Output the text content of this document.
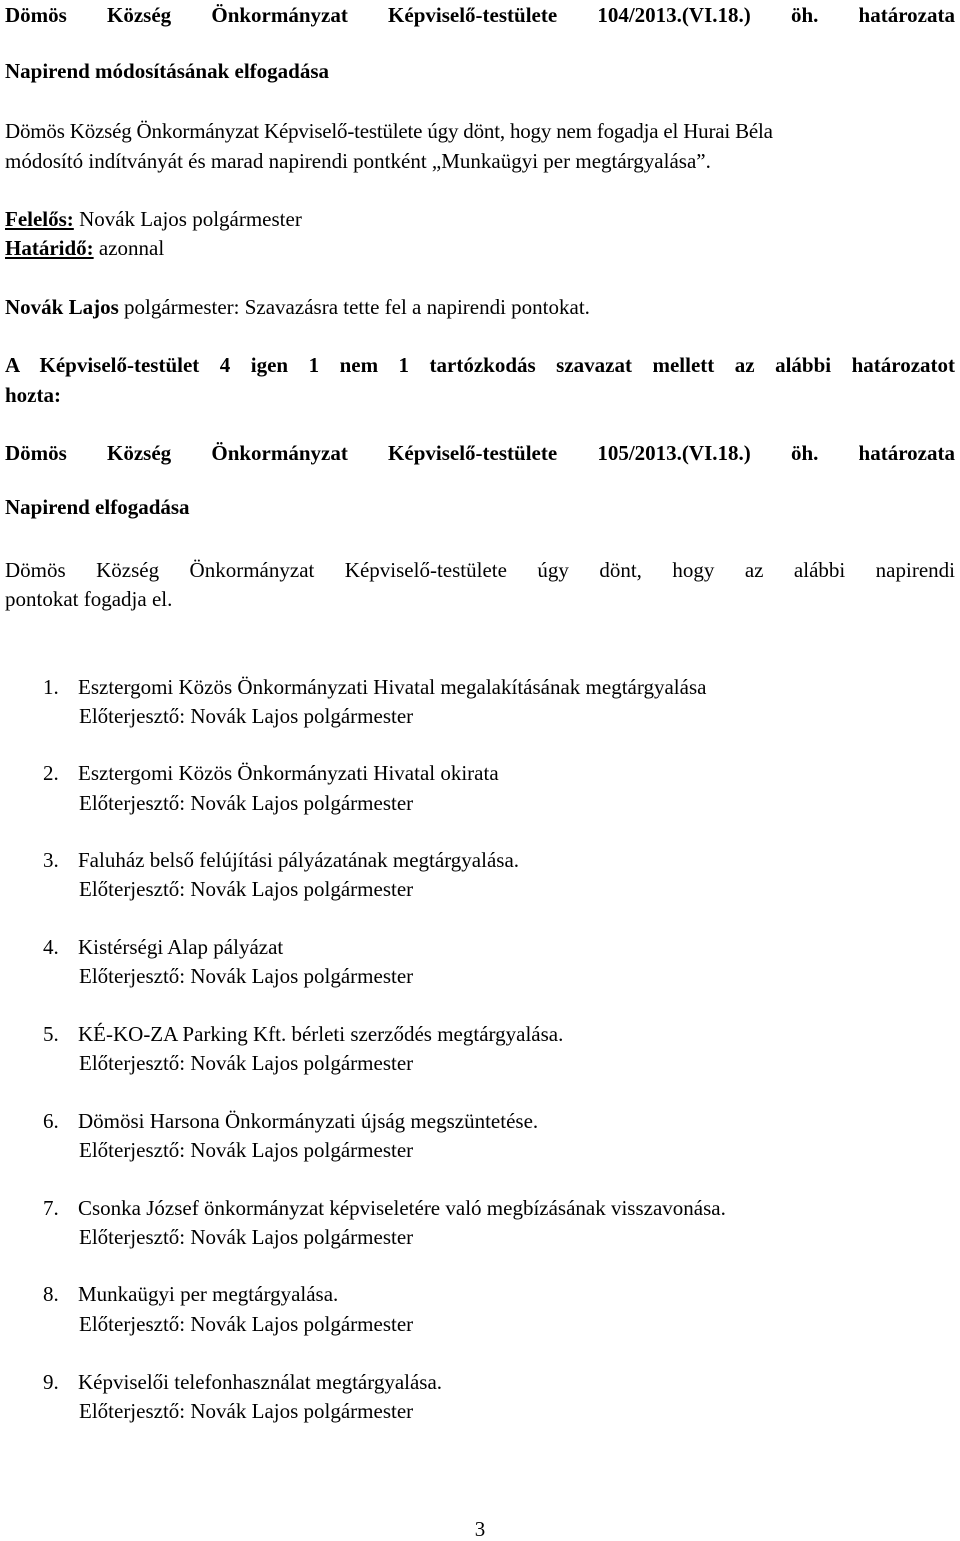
Dömös Község Önkormányzat Képviselő-testülete 104/2013.(VI.18.) öh. határozata
Napirend módosításának elfogadása
Dömös Község Önkormányzat Képviselő-testülete úgy dönt, hogy nem fogadja el Hurai Béla
módosító indítványát és marad napirendi pontként „Munkaügyi per megtárgyalása”.
Felelős: Novák Lajos polgármester
Határidő: azonnal
Novák Lajos polgármester: Szavazásra tette fel a napirendi pontokat.
A Képviselő-testület 4 igen 1 nem 1 tartózkodás szavazat mellett az alábbi határozatot
hozta:
Dömös Község Önkormányzat Képviselő-testülete 105/2013.(VI.18.) öh. határozata
Napirend elfogadása
Dömös Község Önkormányzat Képviselő-testülete úgy dönt, hogy az alábbi napirendi
pontokat fogadja el.
1. Esztergomi Közös Önkormányzati Hivatal megalakításának megtárgyalása
Előterjesztő: Novák Lajos polgármester
2. Esztergomi Közös Önkormányzati Hivatal okirata
Előterjesztő: Novák Lajos polgármester
3. Faluház belső felújítási pályázatának megtárgyalása.
Előterjesztő: Novák Lajos polgármester
4. Kistérségi Alap pályázat
Előterjesztő: Novák Lajos polgármester
5. KÉ-KO-ZA Parking Kft. bérleti szerződés megtárgyalása.
Előterjesztő: Novák Lajos polgármester
6. Dömösi Harsona Önkormányzati újság megszüntetése.
Előterjesztő: Novák Lajos polgármester
7. Csonka József önkormányzat képviseletére való megbízásának visszavonása.
Előterjesztő: Novák Lajos polgármester
8. Munkaügyi per megtárgyalása.
Előterjesztő: Novák Lajos polgármester
9. Képviselői telefonhasználat megtárgyalása.
Előterjesztő: Novák Lajos polgármester
3
